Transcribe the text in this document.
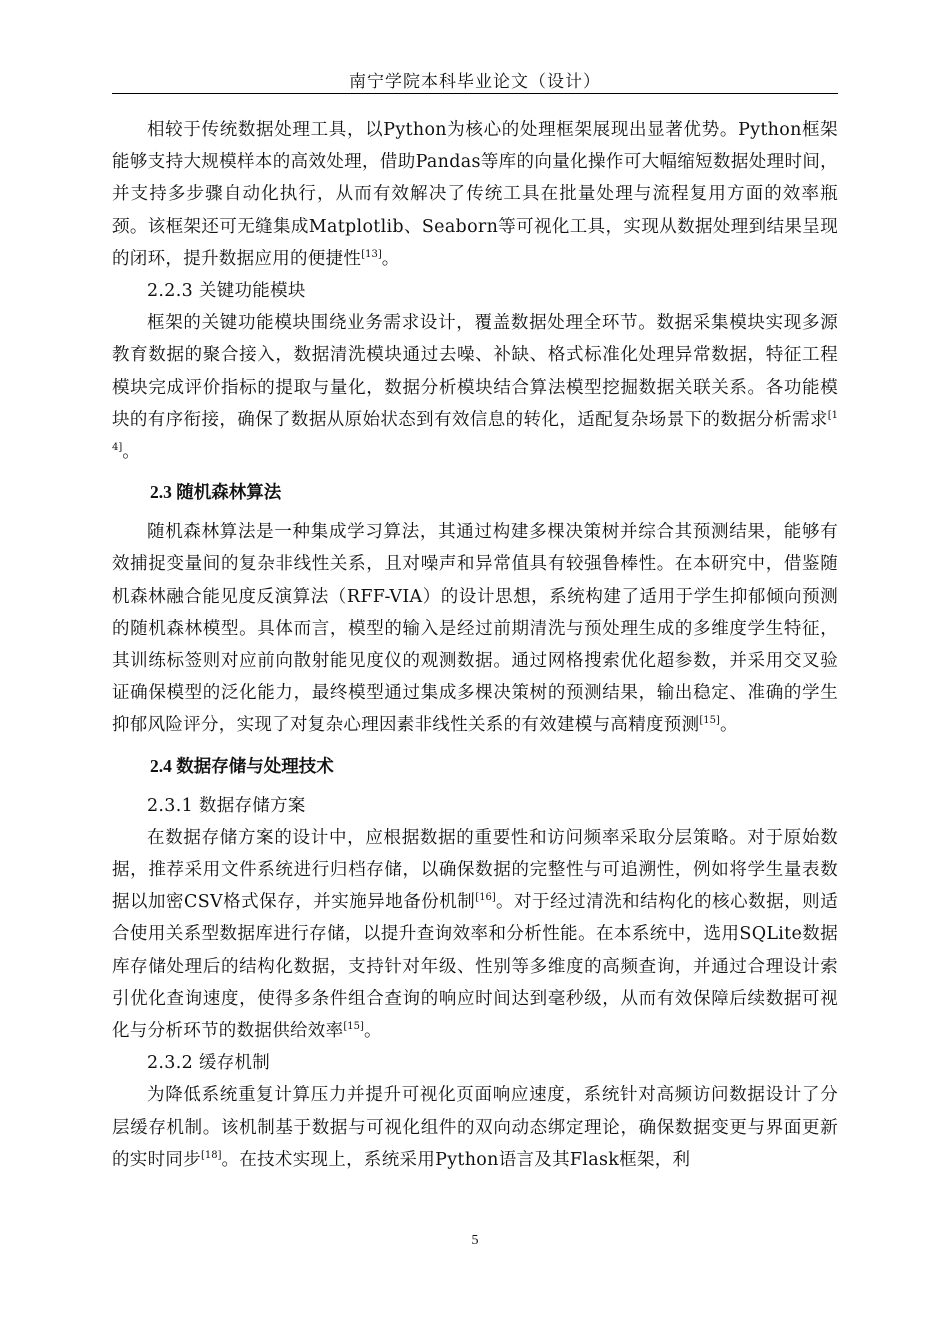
南宁学院本科毕业论文（设计）

相较于传统数据处理工具，以Python为核心的处理框架展现出显著优势。Python框架能够支持大规模样本的高效处理，借助Pandas等库的向量化操作可大幅缩短数据处理时间，并支持多步骤自动化执行，从而有效解决了传统工具在批量处理与流程复用方面的效率瓶颈。该框架还可无缝集成Matplotlib、Seaborn等可视化工具，实现从数据处理到结果呈现的闭环，提升数据应用的便捷性[13]。

2.2.3 关键功能模块

框架的关键功能模块围绕业务需求设计，覆盖数据处理全环节。数据采集模块实现多源教育数据的聚合接入，数据清洗模块通过去噪、补缺、格式标准化处理异常数据，特征工程模块完成评价指标的提取与量化，数据分析模块结合算法模型挖掘数据关联关系。各功能模块的有序衔接，确保了数据从原始状态到有效信息的转化，适配复杂场景下的数据分析需求[14]。

2.3 随机森林算法

随机森林算法是一种集成学习算法，其通过构建多棵决策树并综合其预测结果，能够有效捕捉变量间的复杂非线性关系，且对噪声和异常值具有较强鲁棒性。在本研究中，借鉴随机森林融合能见度反演算法（RFF-VIA）的设计思想，系统构建了适用于学生抑郁倾向预测的随机森林模型。具体而言，模型的输入是经过前期清洗与预处理生成的多维度学生特征，其训练标签则对应前向散射能见度仪的观测数据。通过网格搜索优化超参数，并采用交叉验证确保模型的泛化能力，最终模型通过集成多棵决策树的预测结果，输出稳定、准确的学生抑郁风险评分，实现了对复杂心理因素非线性关系的有效建模与高精度预测[15]。

2.4 数据存储与处理技术

2.3.1 数据存储方案

在数据存储方案的设计中，应根据数据的重要性和访问频率采取分层策略。对于原始数据，推荐采用文件系统进行归档存储，以确保数据的完整性与可追溯性，例如将学生量表数据以加密CSV格式保存，并实施异地备份机制[16]。对于经过清洗和结构化的核心数据，则适合使用关系型数据库进行存储，以提升查询效率和分析性能。在本系统中，选用SQLite数据库存储处理后的结构化数据，支持针对年级、性别等多维度的高频查询，并通过合理设计索引优化查询速度，使得多条件组合查询的响应时间达到毫秒级，从而有效保障后续数据可视化与分析环节的数据供给效率[15]。

2.3.2 缓存机制

为降低系统重复计算压力并提升可视化页面响应速度，系统针对高频访问数据设计了分层缓存机制。该机制基于数据与可视化组件的双向动态绑定理论，确保数据变更与界面更新的实时同步[18]。在技术实现上，系统采用Python语言及其Flask框架，利

5
